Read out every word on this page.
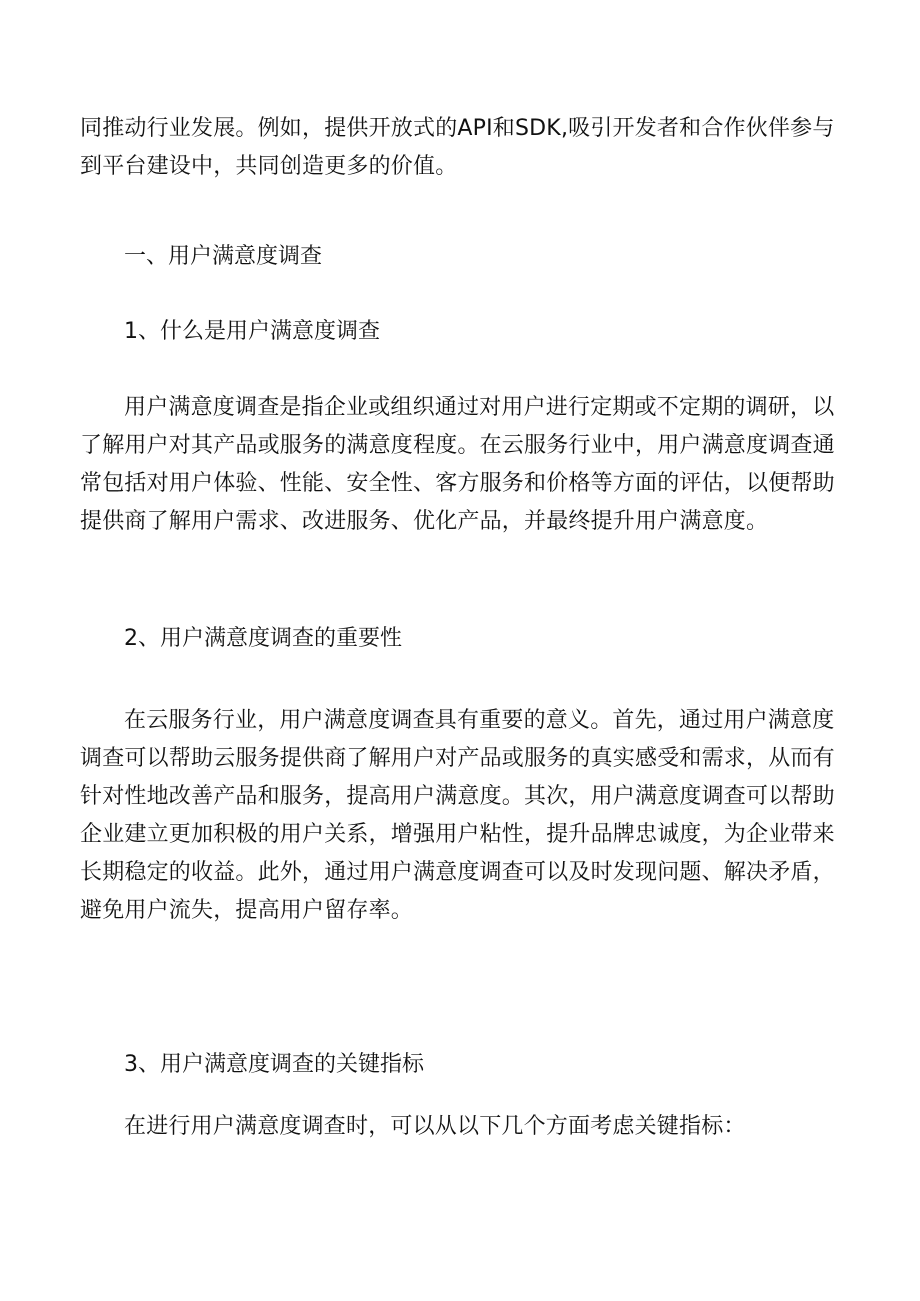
同推动行业发展。例如，提供开放式的API和SDK,吸引开发者和合作伙伴参与到平台建设中，共同创造更多的价值。
一、用户满意度调查
1、什么是用户满意度调查
用户满意度调查是指企业或组织通过对用户进行定期或不定期的调研，以了解用户对其产品或服务的满意度程度。在云服务行业中，用户满意度调查通常包括对用户体验、性能、安全性、客方服务和价格等方面的评估，以便帮助提供商了解用户需求、改进服务、优化产品，并最终提升用户满意度。
2、用户满意度调查的重要性
在云服务行业，用户满意度调查具有重要的意义。首先，通过用户满意度调查可以帮助云服务提供商了解用户对产品或服务的真实感受和需求，从而有针对性地改善产品和服务，提高用户满意度。其次，用户满意度调查可以帮助企业建立更加积极的用户关系，增强用户粘性，提升品牌忠诚度，为企业带来长期稳定的收益。此外，通过用户满意度调查可以及时发现问题、解决矛盾，避免用户流失，提高用户留存率。
3、用户满意度调查的关键指标
在进行用户满意度调查时，可以从以下几个方面考虑关键指标：
